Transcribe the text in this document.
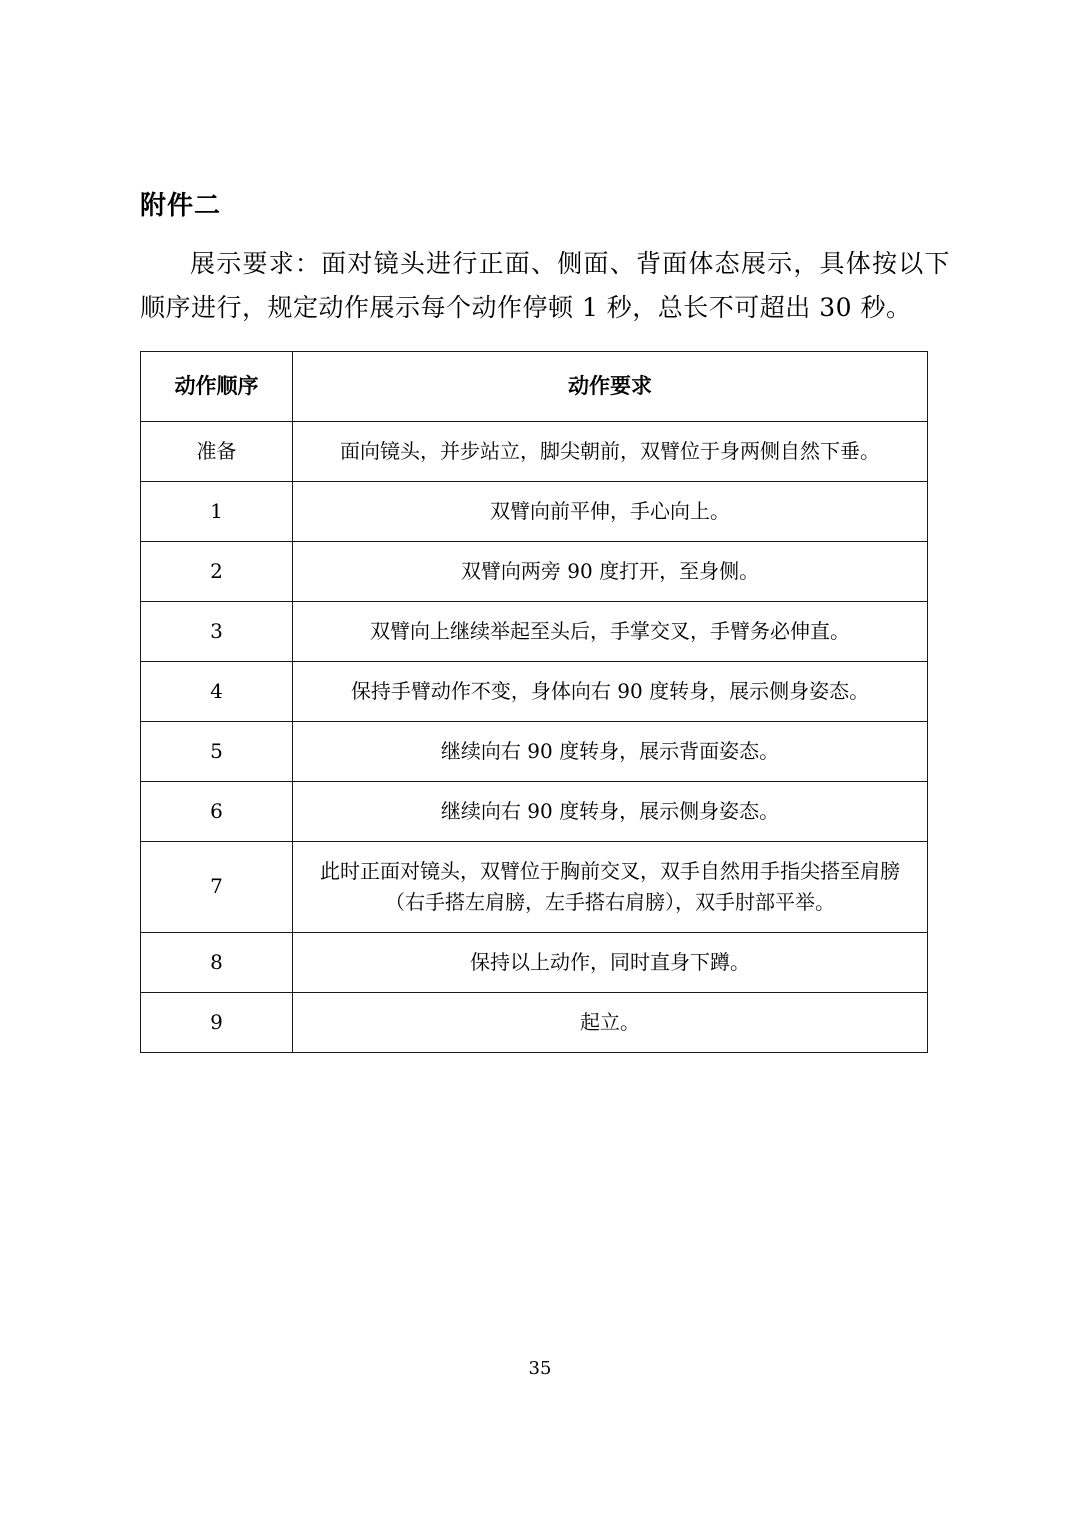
附件二

展示要求：面对镜头进行正面、侧面、背面体态展示，具体按以下顺序进行，规定动作展示每个动作停顿 1 秒，总长不可超出 30 秒。

动作顺序	动作要求
准备	面向镜头，并步站立，脚尖朝前，双臂位于身两侧自然下垂。
1	双臂向前平伸，手心向上。
2	双臂向两旁 90 度打开，至身侧。
3	双臂向上继续举起至头后，手掌交叉，手臂务必伸直。
4	保持手臂动作不变，身体向右 90 度转身，展示侧身姿态。
5	继续向右 90 度转身，展示背面姿态。
6	继续向右 90 度转身，展示侧身姿态。
7	此时正面对镜头，双臂位于胸前交叉，双手自然用手指尖搭至肩膀
（右手搭左肩膀，左手搭右肩膀），双手肘部平举。

8	保持以上动作，同时直身下蹲。
9	起立。
35
